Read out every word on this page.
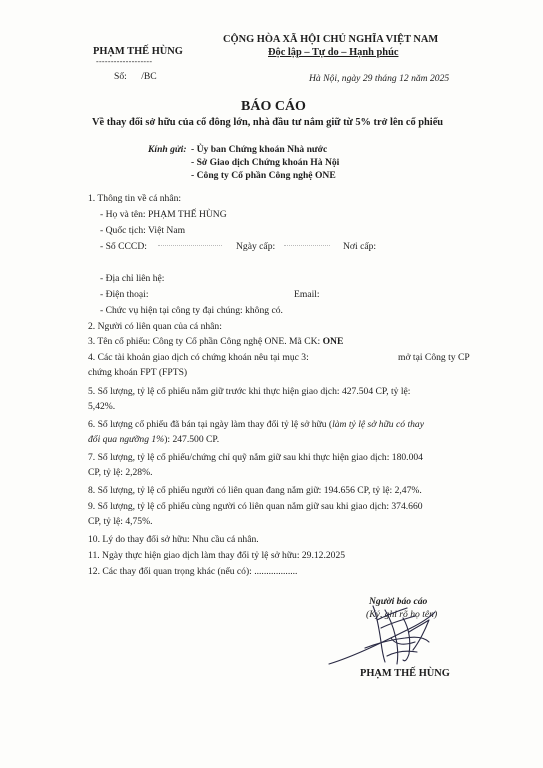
PHẠM THẾ HÙNG
-------------------
Số:      /BC
CỘNG HÒA XÃ HỘI CHỦ NGHĨA VIỆT NAM
Độc lập – Tự do – Hạnh phúc
Hà Nội, ngày 29 tháng 12 năm 2025
BÁO CÁO
Về thay đổi sở hữu của cổ đông lớn, nhà đầu tư nắm giữ từ 5% trở lên cổ phiếu
Kính gửi: - Ủy ban Chứng khoán Nhà nước
- Sở Giao dịch Chứng khoán Hà Nội
- Công ty Cổ phần Công nghệ ONE
1. Thông tin về cá nhân:
- Họ và tên: PHẠM THẾ HÙNG
- Quốc tịch: Việt Nam
- Số CCCD:	Ngày cấp:	Nơi cấp:
- Địa chỉ liên hệ:
- Điện thoại:	Email:
- Chức vụ hiện tại công ty đại chúng: không có.
2. Người có liên quan của cá nhân:
3. Tên cổ phiếu: Công ty Cổ phần Công nghệ ONE. Mã CK: ONE
4. Các tài khoản giao dịch có chứng khoán nêu tại mục 3:	mở tại Công ty CP
chứng khoán FPT (FPTS)
5. Số lượng, tỷ lệ cổ phiếu nắm giữ trước khi thực hiện giao dịch: 427.504 CP, tỷ lệ:
5,42%.
6. Số lượng cổ phiếu đã bán tại ngày làm thay đổi tỷ lệ sở hữu (làm tỷ lệ sở hữu có thay
đổi qua ngưỡng 1%): 247.500 CP.
7. Số lượng, tỷ lệ cổ phiếu/chứng chỉ quỹ nắm giữ sau khi thực hiện giao dịch: 180.004
CP, tỷ lệ: 2,28%.
8. Số lượng, tỷ lệ cổ phiếu người có liên quan đang nắm giữ: 194.656 CP, tỷ lệ: 2,47%.
9. Số lượng, tỷ lệ cổ phiếu cùng người có liên quan nắm giữ sau khi giao dịch: 374.660
CP, tỷ lệ: 4,75%.
10. Lý do thay đổi sở hữu: Nhu cầu cá nhân.
11. Ngày thực hiện giao dịch làm thay đổi tỷ lệ sở hữu: 29.12.2025
12. Các thay đổi quan trọng khác (nếu có): ..................
Người báo cáo
(Ký, ghi rõ họ tên)
PHẠM THẾ HÙNG
